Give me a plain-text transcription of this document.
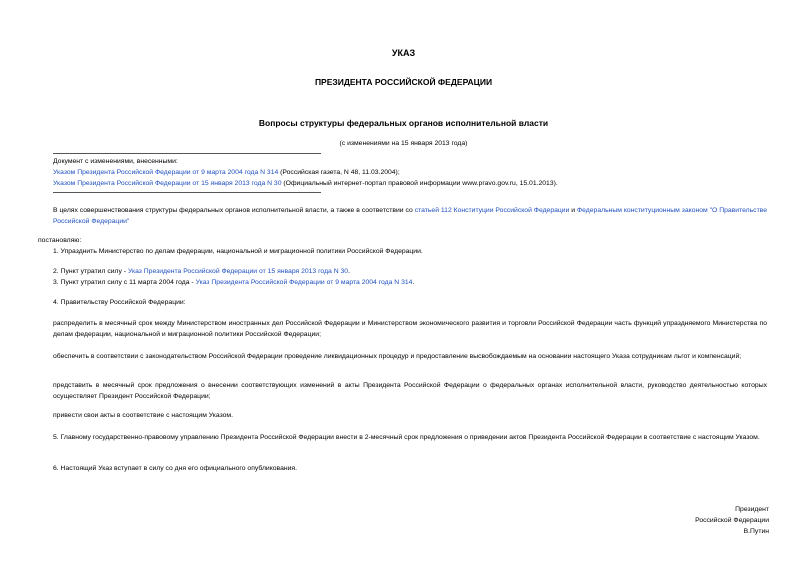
УКАЗ
ПРЕЗИДЕНТА РОССИЙСКОЙ ФЕДЕРАЦИИ
Вопросы структуры федеральных органов исполнительной власти
(с изменениями на 15 января 2013 года)
Документ с изменениями, внесенными:
Указом Президента Российской Федерации от 9 марта 2004 года N 314 (Российская газета, N 48, 11.03.2004);
Указом Президента Российской Федерации от 15 января 2013 года N 30 (Официальный интернет-портал правовой информации www.pravo.gov.ru, 15.01.2013).
В целях совершенствования структуры федеральных органов исполнительной власти, а также в соответствии со статьей 112 Конституции Российской Федерации и Федеральным конституционным законом "О Правительстве Российской Федерации"
постановляю:
1. Упразднить Министерство по делам федерации, национальной и миграционной политики Российской Федерации.
2. Пункт утратил силу - Указ Президента Российской Федерации от 15 января 2013 года N 30.
3. Пункт утратил силу с 11 марта 2004 года - Указ Президента Российской Федерации от 9 марта 2004 года N 314.
4. Правительству Российской Федерации:
распределить в месячный срок между Министерством иностранных дел Российской Федерации и Министерством экономического развития и торговли Российской Федерации часть функций упраздняемого Министерства по делам федерации, национальной и миграционной политики Российской Федерации;
обеспечить в соответствии с законодательством Российской Федерации проведение ликвидационных процедур и предоставление высвобождаемым на основании настоящего Указа сотрудникам льгот и компенсаций;
представить в месячный срок предложения о внесении соответствующих изменений в акты Президента Российской Федерации о федеральных органах исполнительной власти, руководство деятельностью которых осуществляет Президент Российской Федерации;
привести свои акты в соответствие с настоящим Указом.
5. Главному государственно-правовому управлению Президента Российской Федерации внести в 2-месячный срок предложения о приведении актов Президента Российской Федерации в соответствие с настоящим Указом.
6. Настоящий Указ вступает в силу со дня его официального опубликования.
Президент
Российской Федерации
В.Путин
